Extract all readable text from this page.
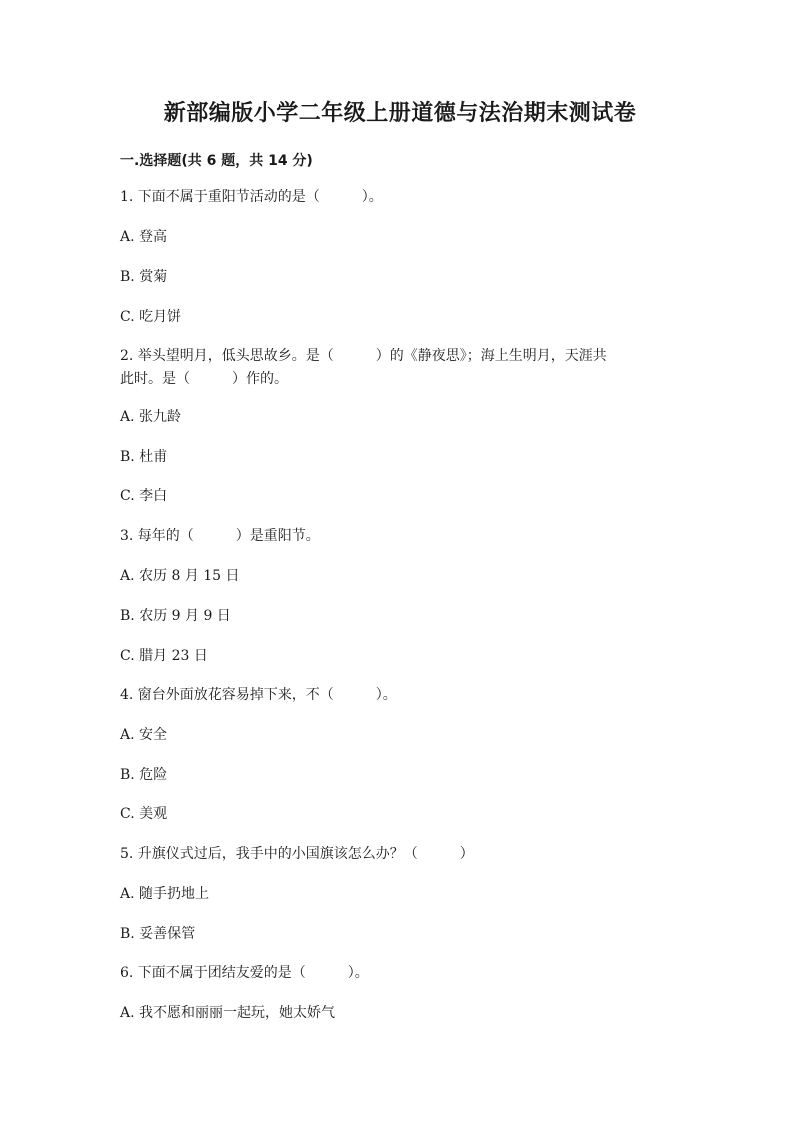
新部编版小学二年级上册道德与法治期末测试卷
一.选择题(共 6 题，共 14 分)
1. 下面不属于重阳节活动的是（　　　）。
A. 登高
B. 赏菊
C. 吃月饼
2. 举头望明月，低头思故乡。是（　　　）的《静夜思》；海上生明月，天涯共
此时。是（　　　）作的。
A. 张九龄
B. 杜甫
C. 李白
3. 每年的（　　　）是重阳节。
A. 农历 8 月 15 日
B. 农历 9 月 9 日
C. 腊月 23 日
4. 窗台外面放花容易掉下来，不（　　　）。
A. 安全
B. 危险
C. 美观
5. 升旗仪式过后，我手中的小国旗该怎么办？（　　　）
A. 随手扔地上
B. 妥善保管
6. 下面不属于团结友爱的是（　　　）。
A. 我不愿和丽丽一起玩，她太娇气
